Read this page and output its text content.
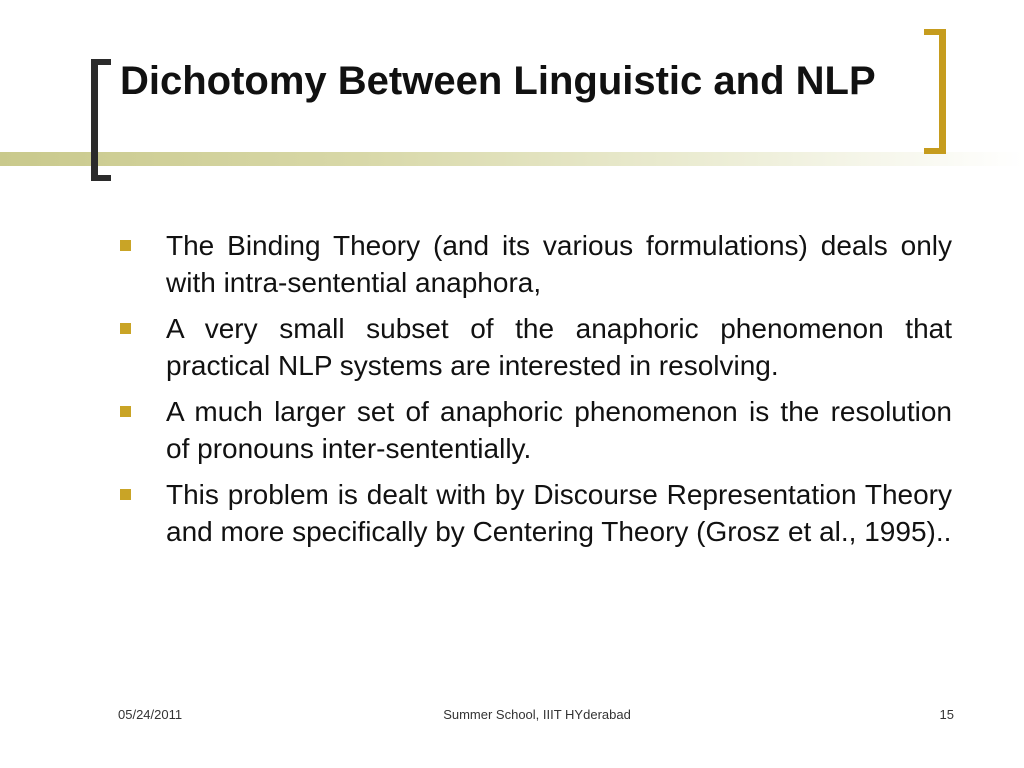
Dichotomy Between Linguistic and NLP
The Binding Theory (and its various formulations) deals only with intra-sentential anaphora,
A very small subset of the anaphoric phenomenon that practical NLP systems are interested in resolving.
A much larger set of anaphoric phenomenon is the resolution of pronouns inter-sententially.
This problem is dealt with by Discourse Representation Theory and more specifically by Centering Theory (Grosz et al., 1995)..
05/24/2011	Summer School, IIIT HYderabad	15
